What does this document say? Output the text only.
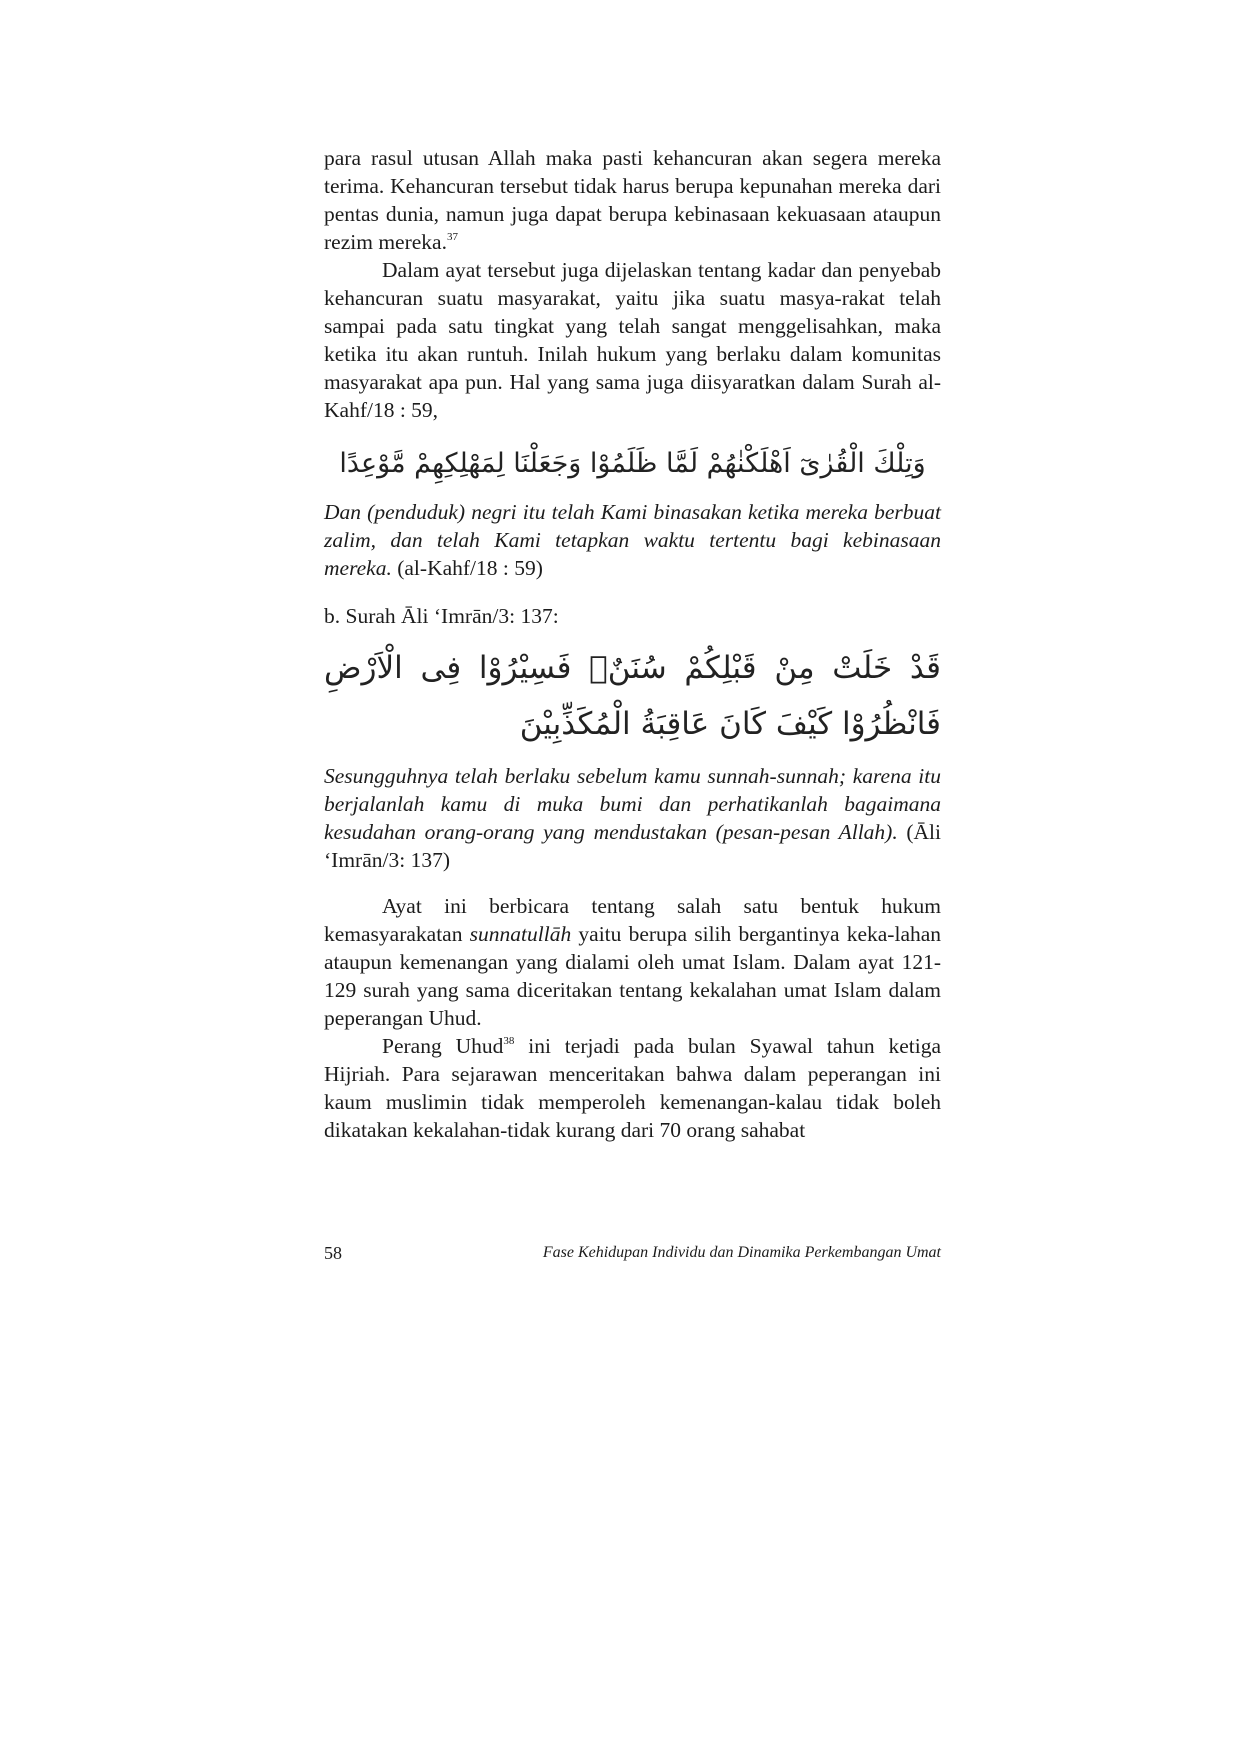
para rasul utusan Allah maka pasti kehancuran akan segera mereka terima. Kehancuran tersebut tidak harus berupa kepunahan mereka dari pentas dunia, namun juga dapat berupa kebinasaan kekuasaan ataupun rezim mereka.$^{37}$

Dalam ayat tersebut juga dijelaskan tentang kadar dan penyebab kehancuran suatu masyarakat, yaitu jika suatu masya-rakat telah sampai pada satu tingkat yang telah sangat menggelisahkan, maka ketika itu akan runtuh. Inilah hukum yang berlaku dalam komunitas masyarakat apa pun. Hal yang sama juga diisyaratkan dalam Surah al-Kahf/18 : 59,

وَتِلْكَ الْقُرٰىٓ اَهْلَكْنٰهُمْ لَمَّا ظَلَمُوْا وَجَعَلْنَا لِمَهْلِكِهِمْ مَّوْعِدًا

Dan (penduduk) negri itu telah Kami binasakan ketika mereka berbuat zalim, dan telah Kami tetapkan waktu tertentu bagi kebinasaan mereka. (al-Kahf/18 : 59)

b. Surah Āli ‘Imrān/3: 137:

قَدْ خَلَتْ مِنْ قَبْلِكُمْ سُنَنٌۙ فَسِيْرُوْا فِى الْاَرْضِ فَانْظُرُوْا كَيْفَ كَانَ عَاقِبَةُ الْمُكَذِّبِيْنَ

Sesungguhnya telah berlaku sebelum kamu sunnah-sunnah; karena itu berjalanlah kamu di muka bumi dan perhatikanlah bagaimana kesudahan orang-orang yang mendustakan (pesan-pesan Allah). (Āli ‘Imrān/3: 137)

Ayat ini berbicara tentang salah satu bentuk hukum kemasyarakatan sunnatullāh yaitu berupa silih bergantinya keka-lahan ataupun kemenangan yang dialami oleh umat Islam. Dalam ayat 121-129 surah yang sama diceritakan tentang kekalahan umat Islam dalam peperangan Uhud.

Perang Uhud$^{38}$ ini terjadi pada bulan Syawal tahun ketiga Hijriah. Para sejarawan menceritakan bahwa dalam peperangan ini kaum muslimin tidak memperoleh kemenangan-kalau tidak boleh dikatakan kekalahan-tidak kurang dari 70 orang sahabat

58	Fase Kehidupan Individu dan Dinamika Perkembangan Umat
